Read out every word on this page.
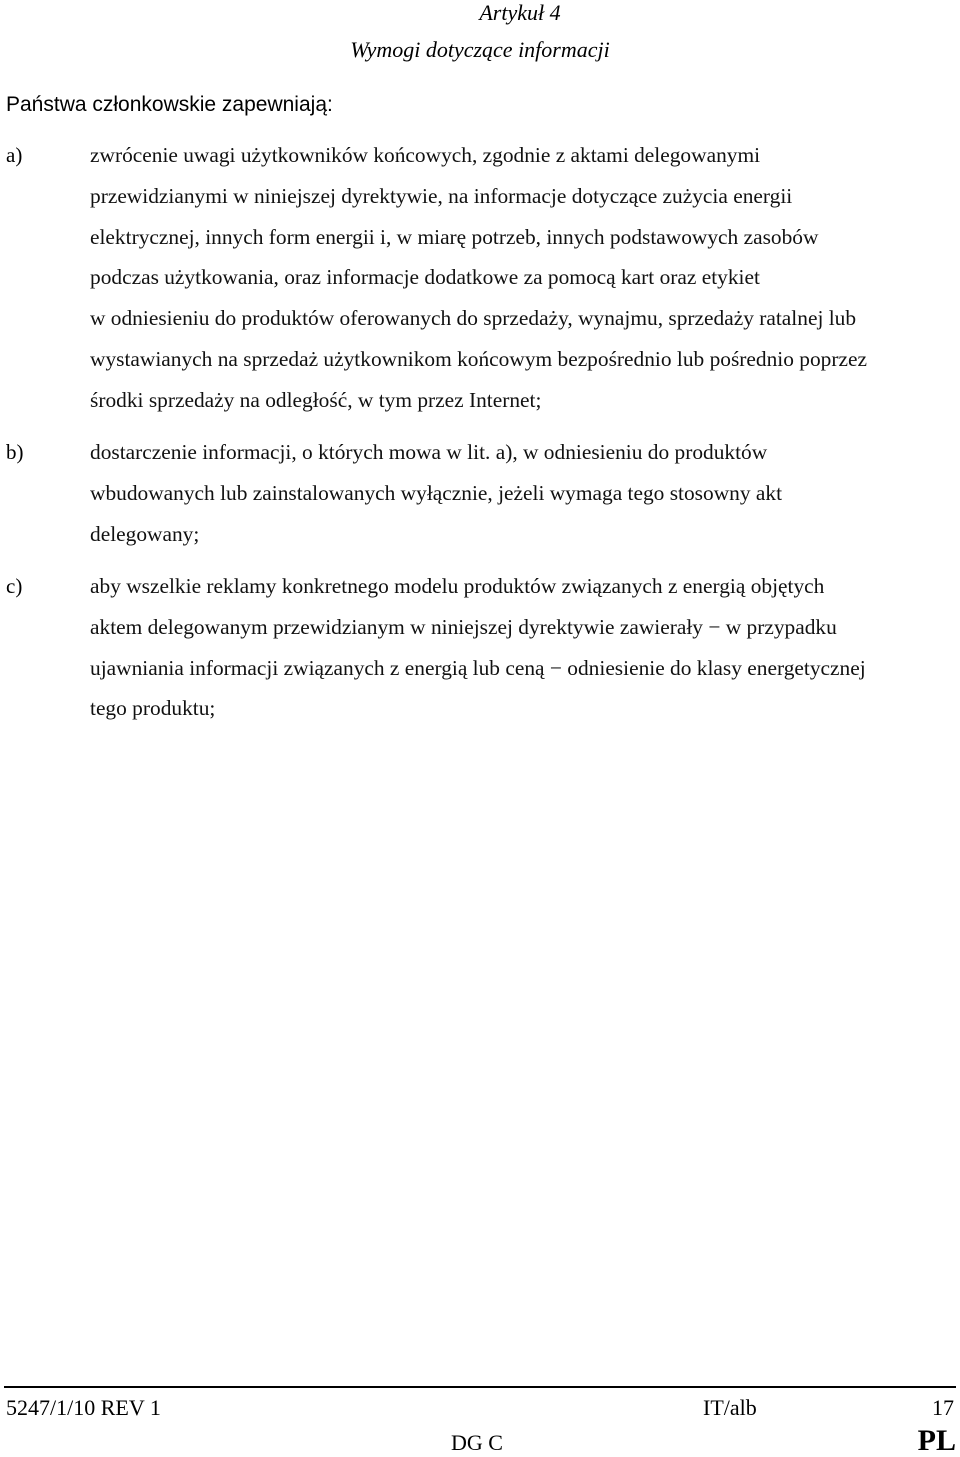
Artykuł 4
Wymogi dotyczące informacji
Państwa członkowskie zapewniają:
a)	zwrócenie uwagi użytkowników końcowych, zgodnie z aktami delegowanymi
przewidzianymi w niniejszej dyrektywie, na informacje dotyczące zużycia energii
elektrycznej, innych form energii i, w miarę potrzeb, innych podstawowych zasobów
podczas użytkowania, oraz informacje dodatkowe za pomocą kart oraz etykiet
w odniesieniu do produktów oferowanych do sprzedaży, wynajmu, sprzedaży ratalnej lub
wystawianych na sprzedaż użytkownikom końcowym bezpośrednio lub pośrednio poprzez
środki sprzedaży na odległość, w tym przez Internet;
b)	dostarczenie informacji, o których mowa w lit. a), w odniesieniu do produktów
wbudowanych lub zainstalowanych wyłącznie, jeżeli wymaga tego stosowny akt
delegowany;
c)	aby wszelkie reklamy konkretnego modelu produktów związanych z energią objętych
aktem delegowanym przewidzianym w niniejszej dyrektywie zawierały − w przypadku
ujawniania informacji związanych z energią lub ceną − odniesienie do klasy energetycznej
tego produktu;
5247/1/10 REV 1	IT/alb	17
DG C	PL
